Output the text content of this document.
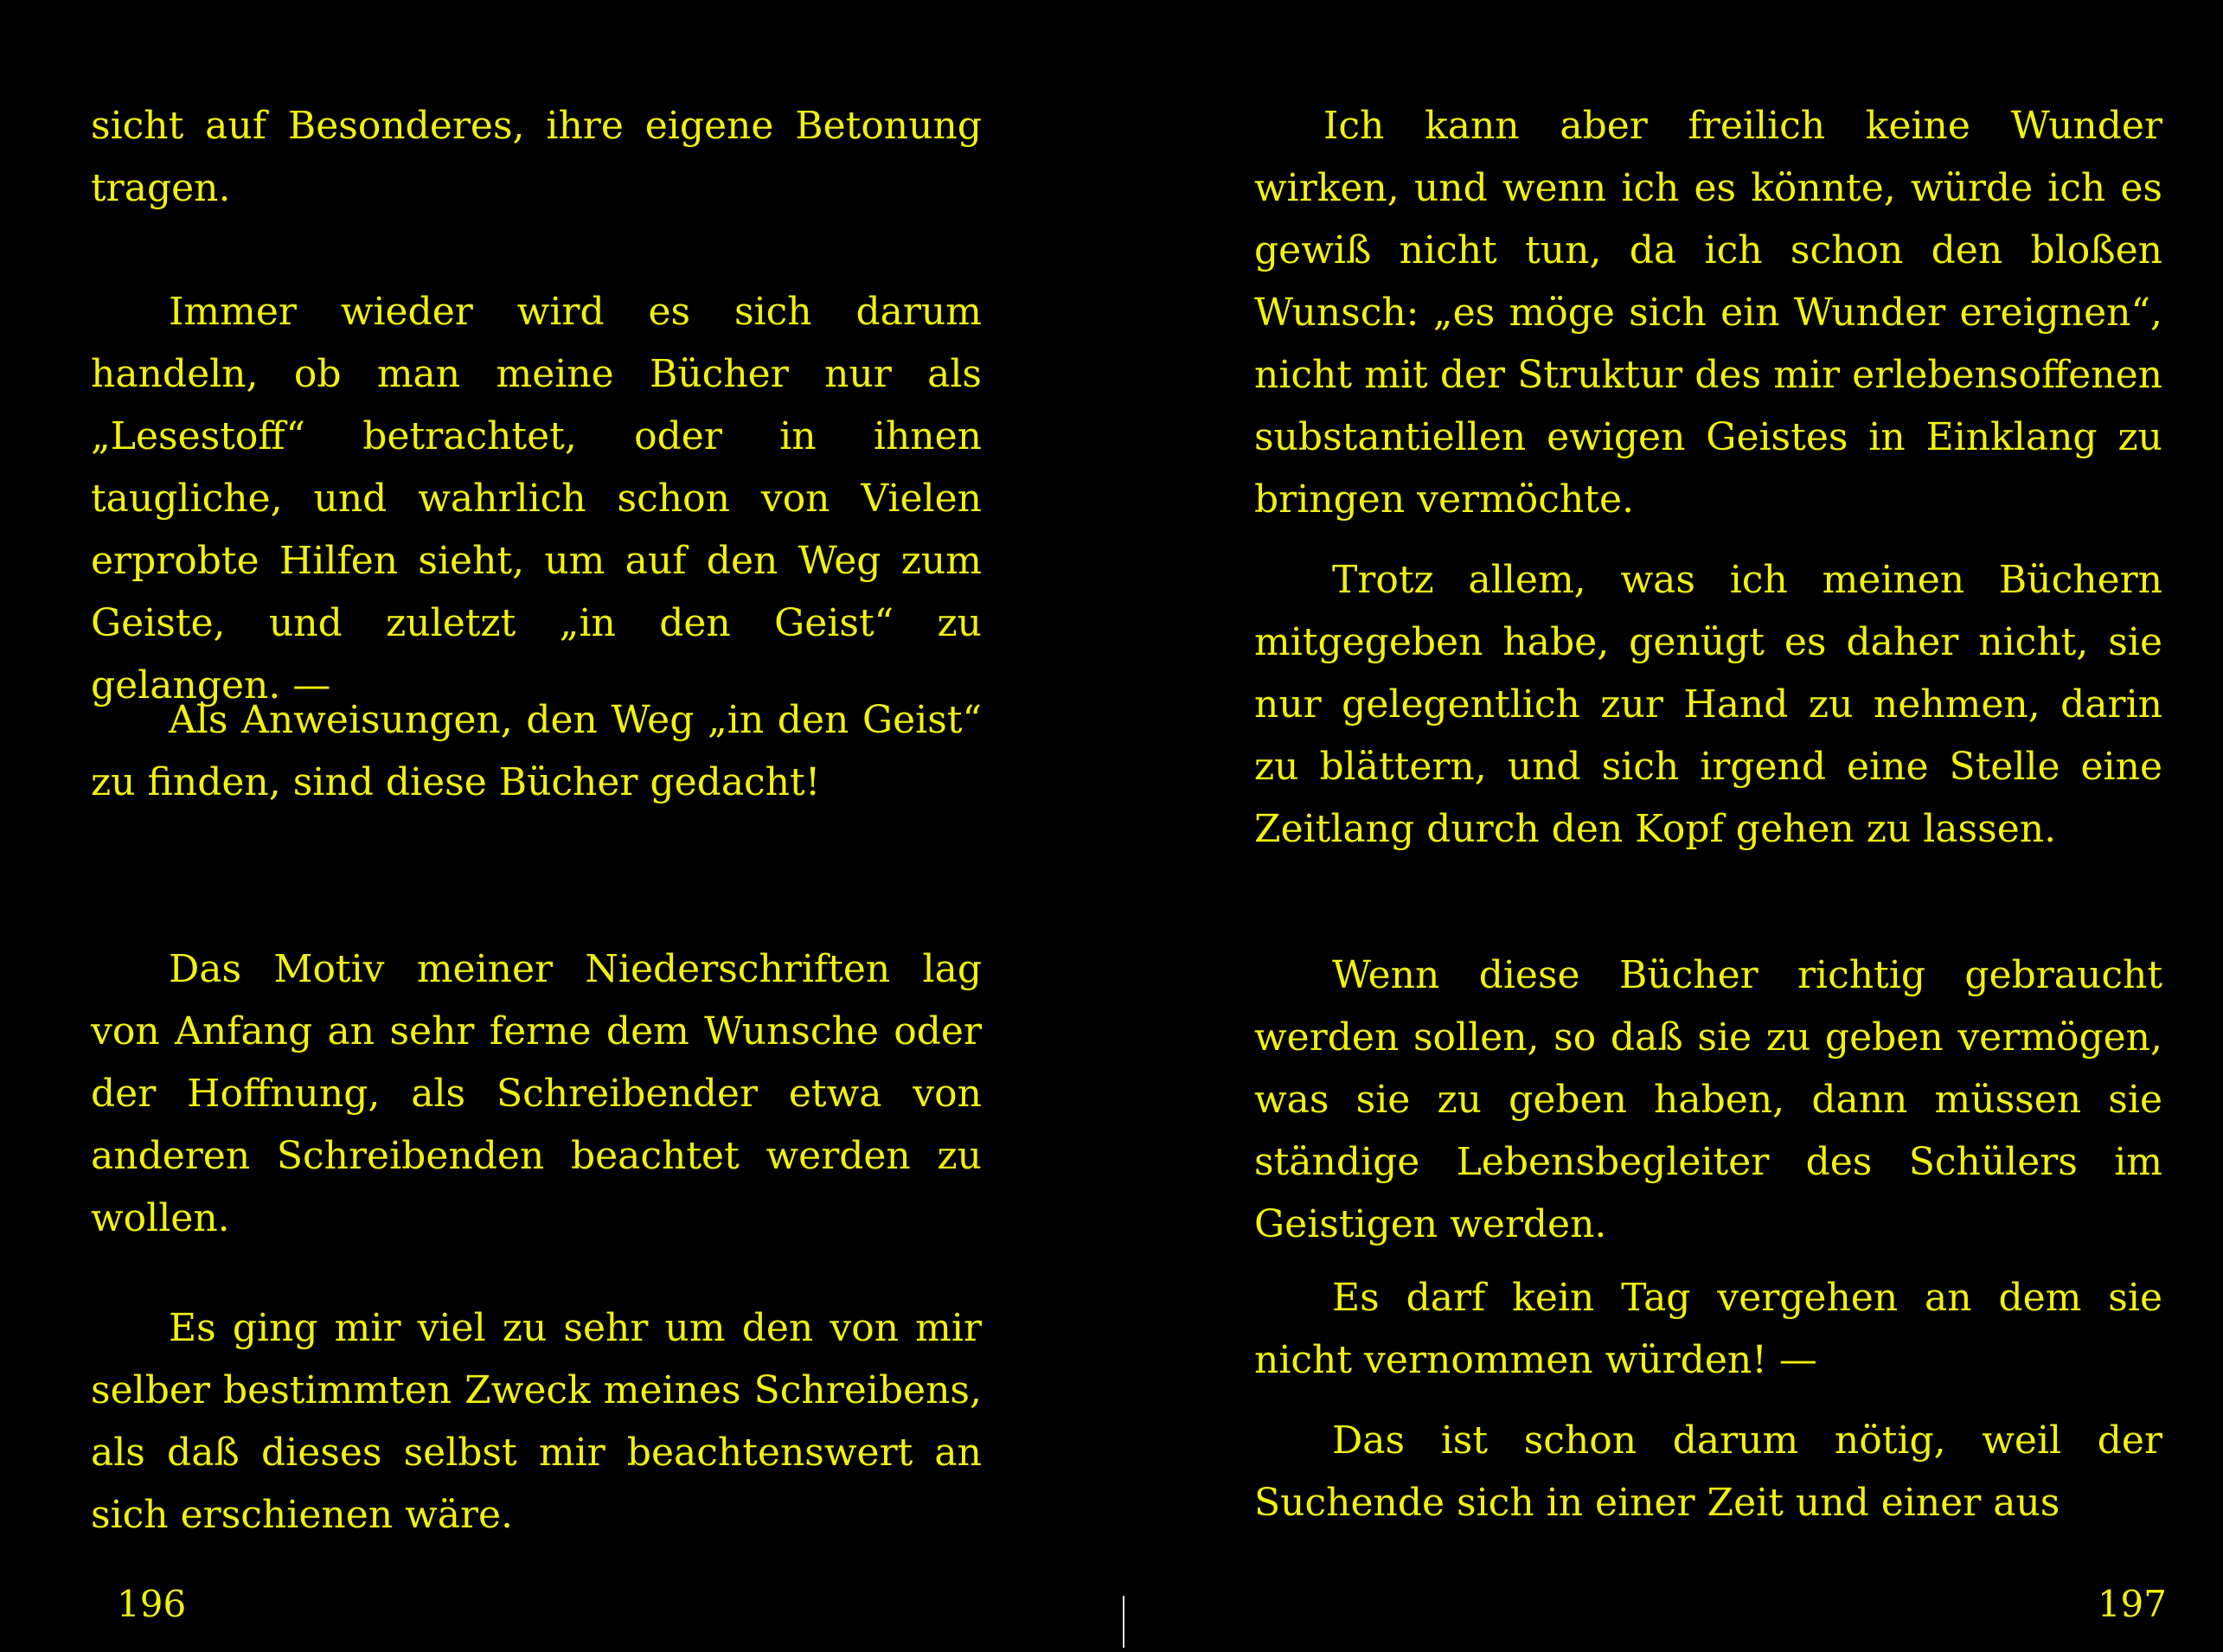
sicht auf Besonderes, ihre eigene Betonung tragen.

Immer wieder wird es sich darum handeln, ob man meine Bücher nur als „Lesestoff“ betrachtet, oder in ihnen taugliche, und wahrlich schon von Vielen erprobte Hilfen sieht, um auf den Weg zum Geiste, und zuletzt „in den Geist“ zu gelangen. —

Als Anweisungen, den Weg „in den Geist“ zu finden, sind diese Bücher gedacht!

Das Motiv meiner Niederschriften lag von Anfang an sehr ferne dem Wunsche oder der Hoffnung, als Schreibender etwa von anderen Schreibenden beachtet werden zu wollen.

Es ging mir viel zu sehr um den von mir selber bestimmten Zweck meines Schreibens, als daß dieses selbst mir beachtenswert an sich erschienen wäre.

196

Ich kann aber freilich keine Wunder wirken, und wenn ich es könnte, würde ich es gewiß nicht tun, da ich schon den bloßen Wunsch: „es möge sich ein Wunder ereignen“, nicht mit der Struktur des mir erlebensoffenen substantiellen ewigen Geistes in Einklang zu bringen vermöchte.

Trotz allem, was ich meinen Büchern mitgegeben habe, genügt es daher nicht, sie nur gelegentlich zur Hand zu nehmen, darin zu blättern, und sich irgend eine Stelle eine Zeitlang durch den Kopf gehen zu lassen.

Wenn diese Bücher richtig gebraucht werden sollen, so daß sie zu geben vermögen, was sie zu geben haben, dann müssen sie ständige Lebensbegleiter des Schülers im Geistigen werden.

Es darf kein Tag vergehen an dem sie nicht vernommen würden! —

Das ist schon darum nötig, weil der Suchende sich in einer Zeit und einer aus

197
